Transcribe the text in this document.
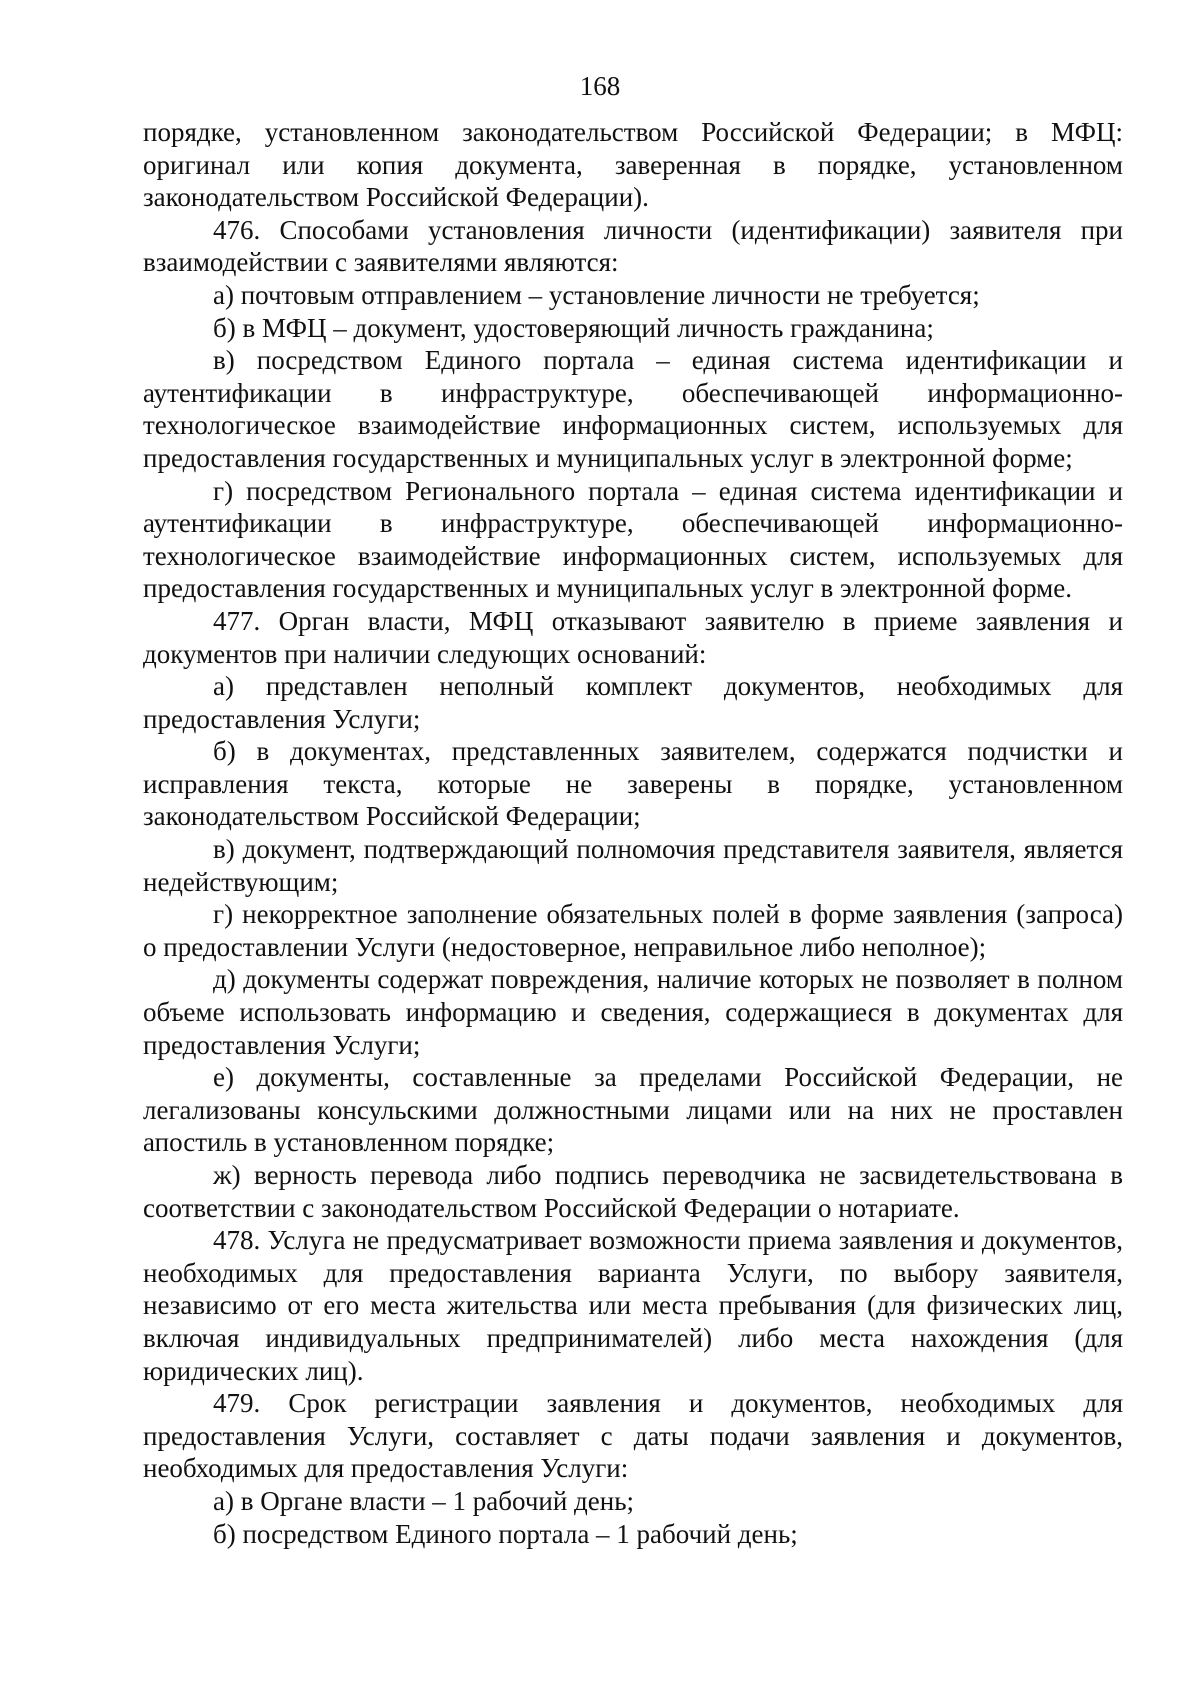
168

порядке, установленном законодательством Российской Федерации; в МФЦ: оригинал или копия документа, заверенная в порядке, установленном законодательством Российской Федерации).

476. Способами установления личности (идентификации) заявителя при взаимодействии с заявителями являются:

а) почтовым отправлением – установление личности не требуется;

б) в МФЦ – документ, удостоверяющий личность гражданина;

в) посредством Единого портала – единая система идентификации и аутентификации в инфраструктуре, обеспечивающей информационно-технологическое взаимодействие информационных систем, используемых для предоставления государственных и муниципальных услуг в электронной форме;

г) посредством Регионального портала – единая система идентификации и аутентификации в инфраструктуре, обеспечивающей информационно-технологическое взаимодействие информационных систем, используемых для предоставления государственных и муниципальных услуг в электронной форме.

477. Орган власти, МФЦ отказывают заявителю в приеме заявления и документов при наличии следующих оснований:

а) представлен неполный комплект документов, необходимых для предоставления Услуги;

б) в документах, представленных заявителем, содержатся подчистки и исправления текста, которые не заверены в порядке, установленном законодательством Российской Федерации;

в) документ, подтверждающий полномочия представителя заявителя, является недействующим;

г) некорректное заполнение обязательных полей в форме заявления (запроса) о предоставлении Услуги (недостоверное, неправильное либо неполное);

д) документы содержат повреждения, наличие которых не позволяет в полном объеме использовать информацию и сведения, содержащиеся в документах для предоставления Услуги;

е) документы, составленные за пределами Российской Федерации, не легализованы консульскими должностными лицами или на них не проставлен апостиль в установленном порядке;

ж) верность перевода либо подпись переводчика не засвидетельствована в соответствии с законодательством Российской Федерации о нотариате.

478. Услуга не предусматривает возможности приема заявления и документов, необходимых для предоставления варианта Услуги, по выбору заявителя, независимо от его места жительства или места пребывания (для физических лиц, включая индивидуальных предпринимателей) либо места нахождения (для юридических лиц).

479. Срок регистрации заявления и документов, необходимых для предоставления Услуги, составляет с даты подачи заявления и документов, необходимых для предоставления Услуги:

а) в Органе власти – 1 рабочий день;

б) посредством Единого портала – 1 рабочий день;
